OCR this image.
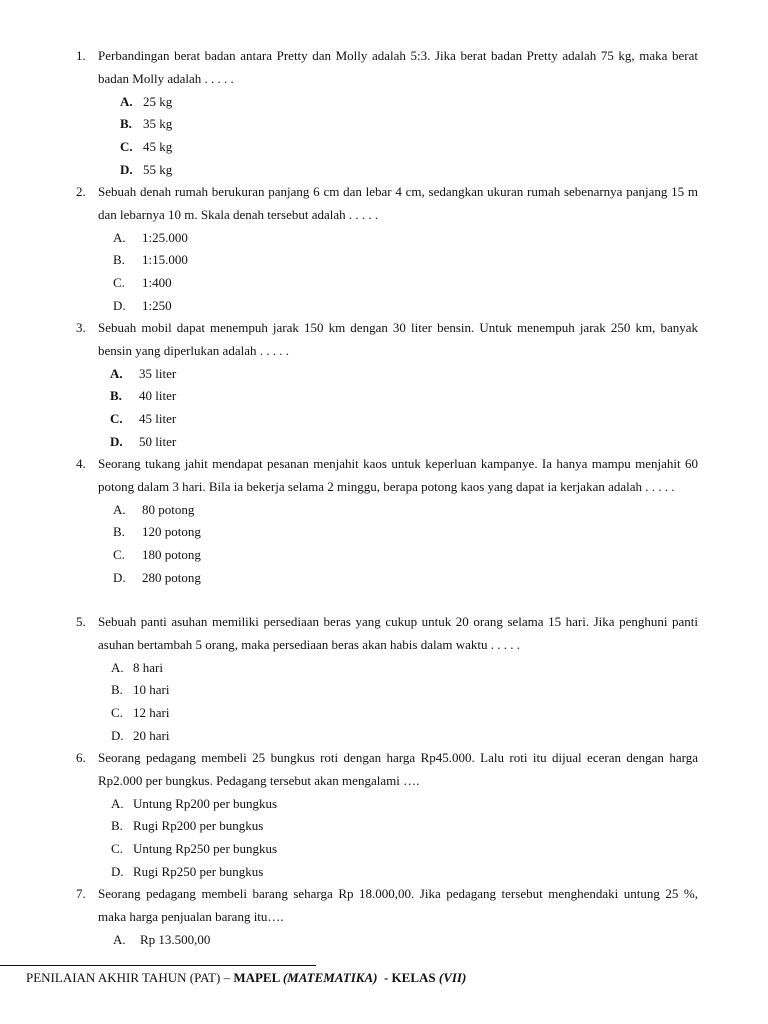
1. Perbandingan berat badan antara Pretty dan Molly adalah 5:3. Jika berat badan Pretty adalah 75 kg, maka berat badan Molly adalah . . . . .
A. 25 kg
B. 35 kg
C. 45 kg
D. 55 kg
2. Sebuah denah rumah berukuran panjang 6 cm dan lebar 4 cm, sedangkan ukuran rumah sebenarnya panjang 15 m dan lebarnya 10 m. Skala denah tersebut adalah . . . . .
A. 1:25.000
B. 1:15.000
C. 1:400
D. 1:250
3. Sebuah mobil dapat menempuh jarak 150 km dengan 30 liter bensin. Untuk menempuh jarak 250 km, banyak bensin yang diperlukan adalah . . . . .
A. 35 liter
B. 40 liter
C. 45 liter
D. 50 liter
4. Seorang tukang jahit mendapat pesanan menjahit kaos untuk keperluan kampanye. Ia hanya mampu menjahit 60 potong dalam 3 hari. Bila ia bekerja selama 2 minggu, berapa potong kaos yang dapat ia kerjakan adalah . . . . .
A. 80 potong
B. 120 potong
C. 180 potong
D. 280 potong
5. Sebuah panti asuhan memiliki persediaan beras yang cukup untuk 20 orang selama 15 hari. Jika penghuni panti asuhan bertambah 5 orang, maka persediaan beras akan habis dalam waktu . . . . .
A. 8 hari
B. 10 hari
C. 12 hari
D. 20 hari
6. Seorang pedagang membeli 25 bungkus roti dengan harga Rp45.000. Lalu roti itu dijual eceran dengan harga Rp2.000 per bungkus. Pedagang tersebut akan mengalami ….
A. Untung Rp200 per bungkus
B. Rugi Rp200 per bungkus
C. Untung Rp250 per bungkus
D. Rugi Rp250 per bungkus
7. Seorang pedagang membeli barang seharga Rp 18.000,00. Jika pedagang tersebut menghendaki untung 25 %, maka harga penjualan barang itu….
A. Rp 13.500,00
PENILAIAN AKHIR TAHUN (PAT) – MAPEL (MATEMATIKA)  - KELAS (VII)
